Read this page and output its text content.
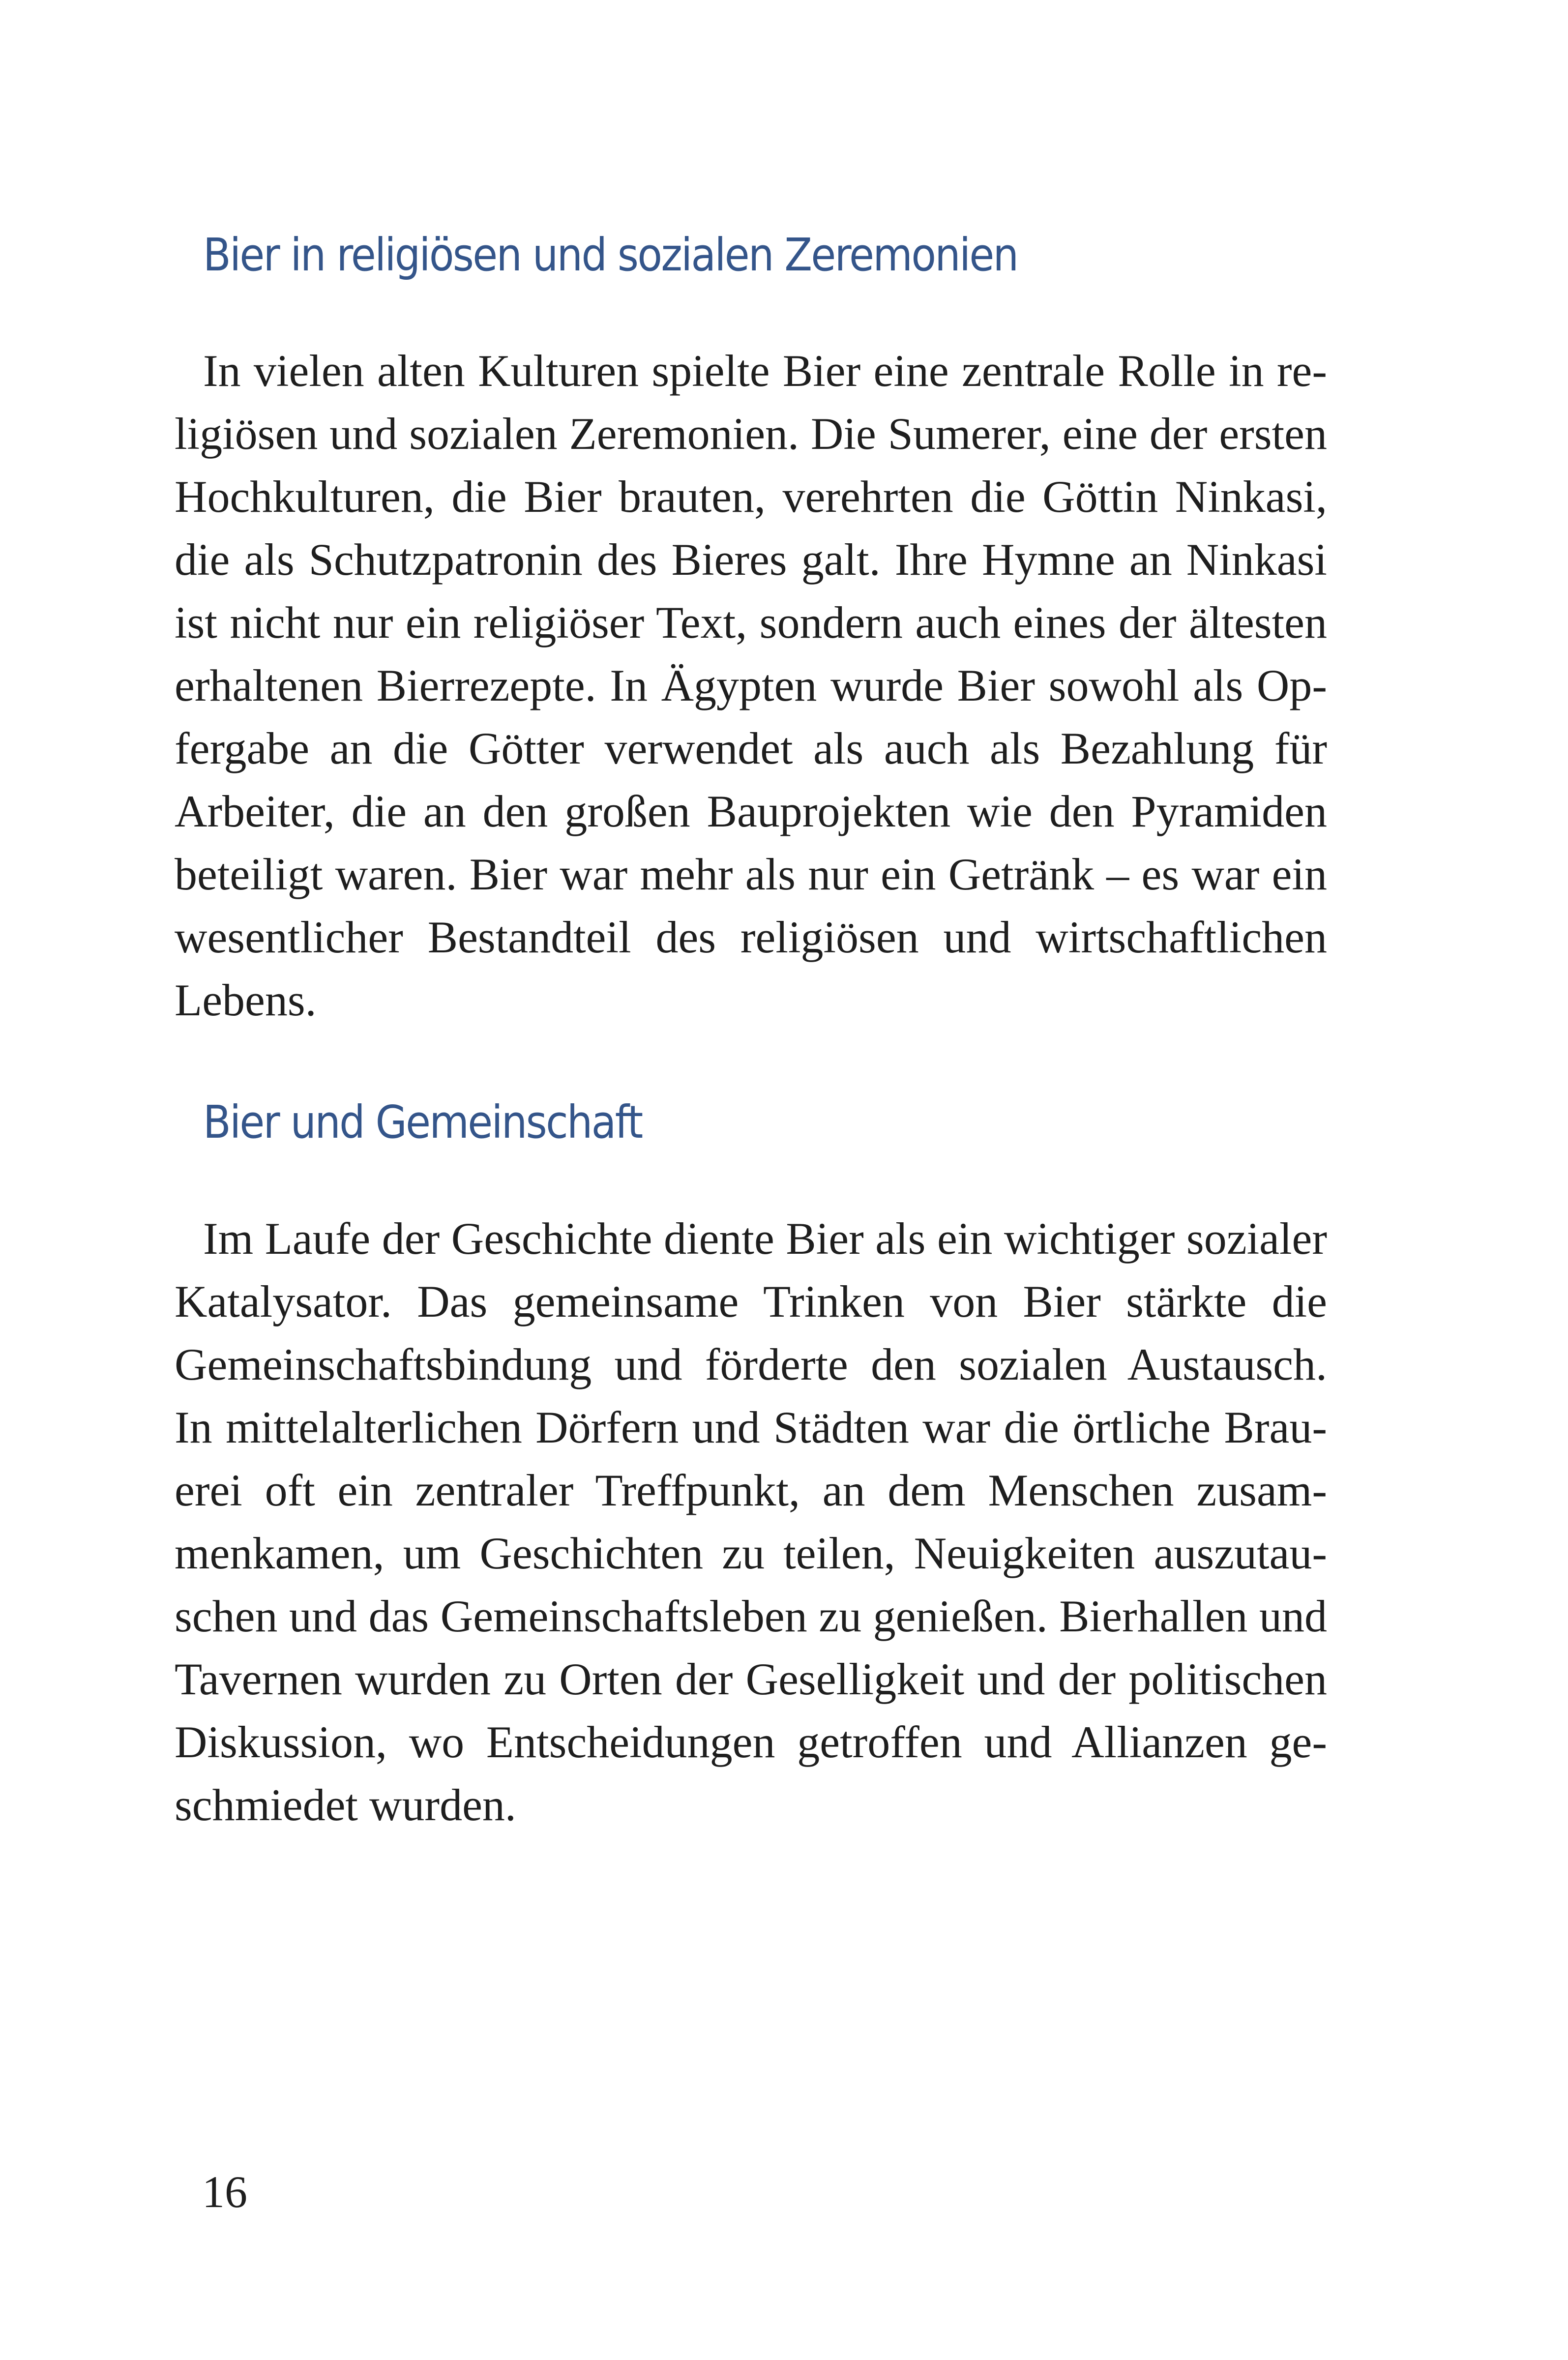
Bier in religiösen und sozialen Zeremonien

In vielen alten Kulturen spielte Bier eine zentrale Rolle in re-
ligiösen und sozialen Zeremonien. Die Sumerer, eine der ersten
Hochkulturen, die Bier brauten, verehrten die Göttin Ninkasi,
die als Schutzpatronin des Bieres galt. Ihre Hymne an Ninkasi
ist nicht nur ein religiöser Text, sondern auch eines der ältesten
erhaltenen Bierrezepte. In Ägypten wurde Bier sowohl als Op-
fergabe an die Götter verwendet als auch als Bezahlung für
Arbeiter, die an den großen Bauprojekten wie den Pyramiden
beteiligt waren. Bier war mehr als nur ein Getränk – es war ein
wesentlicher Bestandteil des religiösen und wirtschaftlichen
Lebens.

Bier und Gemeinschaft

Im Laufe der Geschichte diente Bier als ein wichtiger sozialer
Katalysator. Das gemeinsame Trinken von Bier stärkte die
Gemeinschaftsbindung und förderte den sozialen Austausch.
In mittelalterlichen Dörfern und Städten war die örtliche Brau-
erei oft ein zentraler Treffpunkt, an dem Menschen zusam-
menkamen, um Geschichten zu teilen, Neuigkeiten auszutau-
schen und das Gemeinschaftsleben zu genießen. Bierhallen und
Tavernen wurden zu Orten der Geselligkeit und der politischen
Diskussion, wo Entscheidungen getroffen und Allianzen ge-
schmiedet wurden.

16
